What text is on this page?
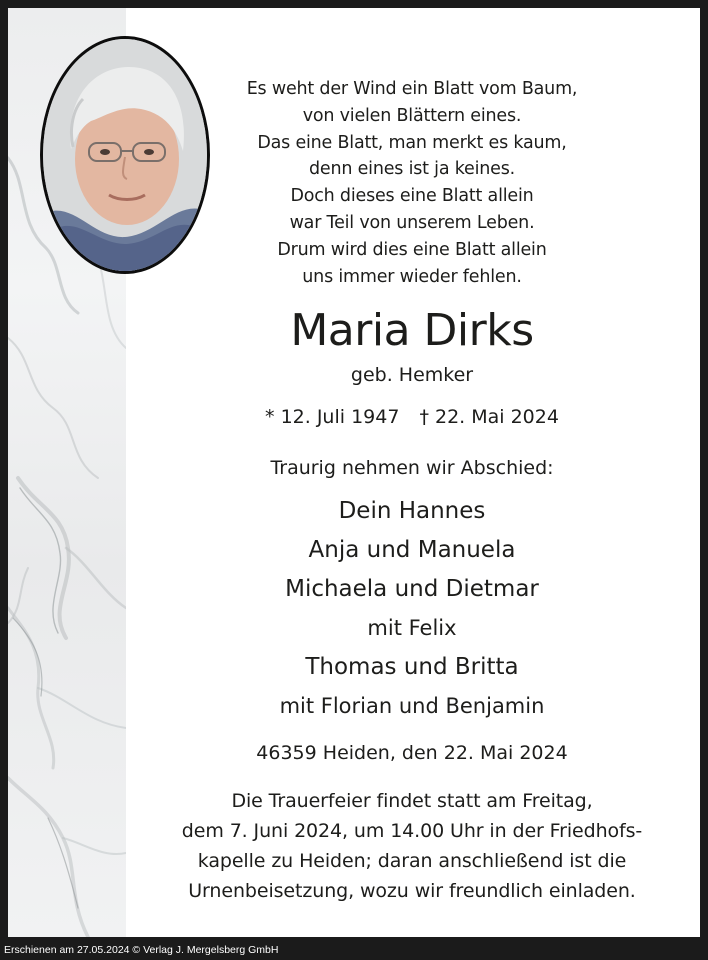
Es weht der Wind ein Blatt vom Baum,
von vielen Blättern eines.
Das eine Blatt, man merkt es kaum,
denn eines ist ja keines.
Doch dieses eine Blatt allein
war Teil von unserem Leben.
Drum wird dies eine Blatt allein
uns immer wieder fehlen.
Maria Dirks
geb. Hemker
* 12. Juli 1947 † 22. Mai 2024
Traurig nehmen wir Abschied:
Dein Hannes
Anja und Manuela
Michaela und Dietmar
mit Felix
Thomas und Britta
mit Florian und Benjamin
46359 Heiden, den 22. Mai 2024
Die Trauerfeier findet statt am Freitag,
dem 7. Juni 2024, um 14.00 Uhr in der Friedhofs-
kapelle zu Heiden; daran anschließend ist die
Urnenbeisetzung, wozu wir freundlich einladen.
Erschienen am 27.05.2024 © Verlag J. Mergelsberg GmbH
